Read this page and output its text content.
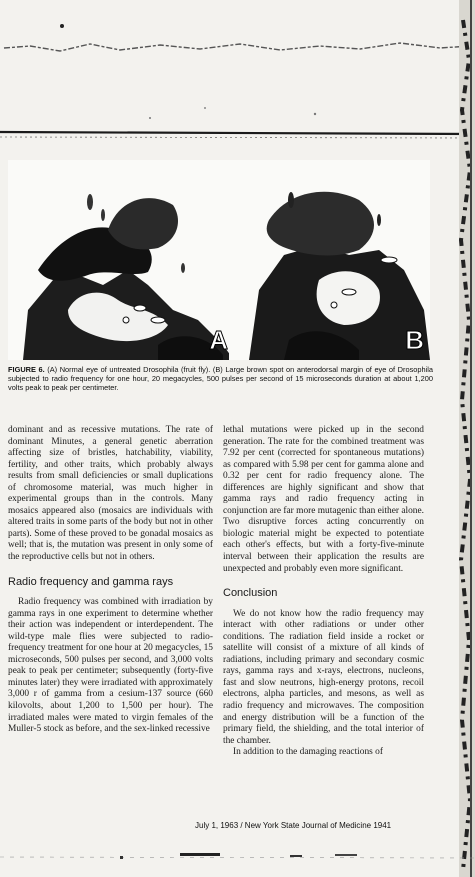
A	B
FIGURE 6. (A) Normal eye of untreated Drosophila (fruit fly). (B) Large brown spot on anterodorsal margin of eye of Drosophila subjected to radio frequency for one hour, 20 megacycles, 500 pulses per second of 15 microseconds duration at about 1,200 volts peak to peak per centimeter.

dominant and as recessive mutations. The rate of dominant Minutes, a general genetic aberration affecting size of bristles, hatchability, viability, fertility, and other traits, which probably always results from small deficiencies or small duplications of chromosome material, was much higher in experimental groups than in the controls. Many mosaics appeared also (mosaics are individuals with altered traits in some parts of the body but not in other parts). Some of these proved to be gonadal mosaics as well; that is, the mutation was present in only some of the reproductive cells but not in others.

Radio frequency and gamma rays

Radio frequency was combined with irradiation by gamma rays in one experiment to determine whether their action was independent or interdependent. The wild-type male flies were subjected to radio-frequency treatment for one hour at 20 megacycles, 15 microseconds, 500 pulses per second, and 3,000 volts peak to peak per centimeter; subsequently (forty-five minutes later) they were irradiated with approximately 3,000 r of gamma from a cesium-137 source (660 kilovolts, about 1,200 to 1,500 per hour). The irradiated males were mated to virgin females of the Muller-5 stock as before, and the sex-linked recessive

lethal mutations were picked up in the second generation. The rate for the combined treatment was 7.92 per cent (corrected for spontaneous mutations) as compared with 5.98 per cent for gamma alone and 0.32 per cent for radio frequency alone. The differences are highly significant and show that gamma rays and radio frequency acting in conjunction are far more mutagenic than either alone. Two disruptive forces acting concurrently on biologic material might be expected to potentiate each other's effects, but with a forty-five-minute interval between their application the results are unexpected and probably even more significant.

Conclusion

We do not know how the radio frequency may interact with other radiations or under other conditions. The radiation field inside a rocket or satellite will consist of a mixture of all kinds of radiations, including primary and secondary cosmic rays, gamma rays and x-rays, electrons, nucleons, fast and slow neutrons, high-energy protons, recoil electrons, alpha particles, and mesons, as well as radio frequency and microwaves. The composition and energy distribution will be a function of the primary field, the shielding, and the total interior of the chamber.

In addition to the damaging reactions of

July 1, 1963 / New York State Journal of Medicine 1941
